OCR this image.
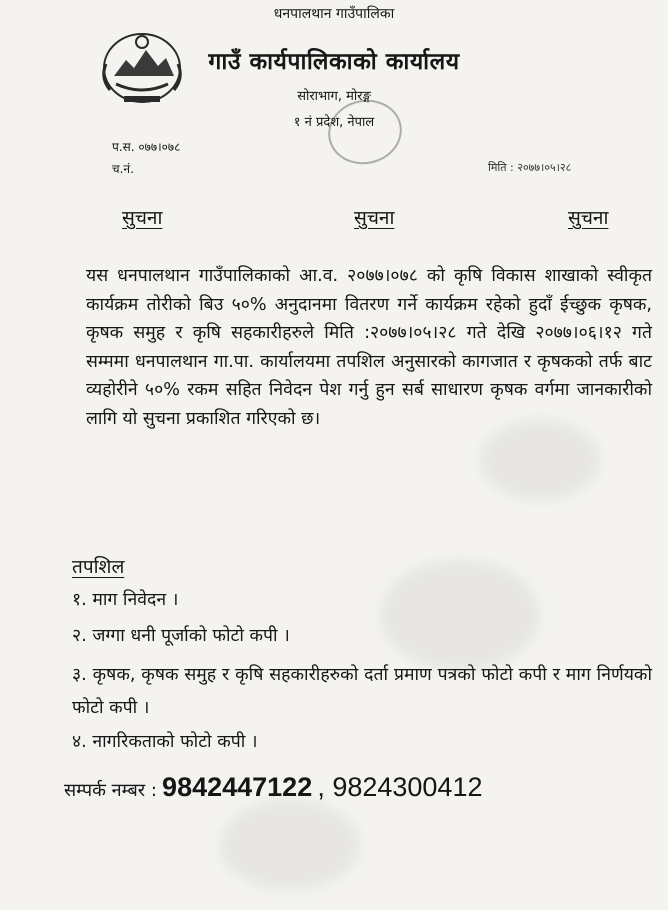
धनपालथान गाउँपालिका
गाउँ कार्यपालिकाको कार्यालय
सोराभाग, मोरङ्ग
१ नं प्रदेश, नेपाल
प.स. ०७७।०७८
च.नं.	मिति : २०७७।०५।२८
सुचना	सुचना	सुचना
यस धनपालथान गाउँपालिकाको आ.व. २०७७।०७८ को कृषि विकास शाखाको स्वीकृत कार्यक्रम तोरीको बिउ ५०% अनुदानमा वितरण गर्ने कार्यक्रम रहेको हुदाँ ईच्छुक कृषक, कृषक समुह र कृषि सहकारीहरुले मिति :२०७७।०५।२८ गते देखि २०७७।०६।१२ गते सम्ममा धनपालथान गा.पा. कार्यालयमा तपशिल अनुसारको कागजात र कृषकको तर्फ बाट व्यहोरीने ५०% रकम सहित निवेदन पेश गर्नु हुन सर्ब साधारण कृषक वर्गमा जानकारीको लागि यो सुचना प्रकाशित गरिएको छ।
तपशिल
१. माग निवेदन ।
२. जग्गा धनी पूर्जाको फोटो कपी ।
३. कृषक, कृषक समुह र कृषि सहकारीहरुको दर्ता प्रमाण पत्रको फोटो कपी र माग निर्णयको फोटो कपी ।
४. नागरिकताको फोटो कपी ।
सम्पर्क नम्बर : 9842447122 , 9824300412
